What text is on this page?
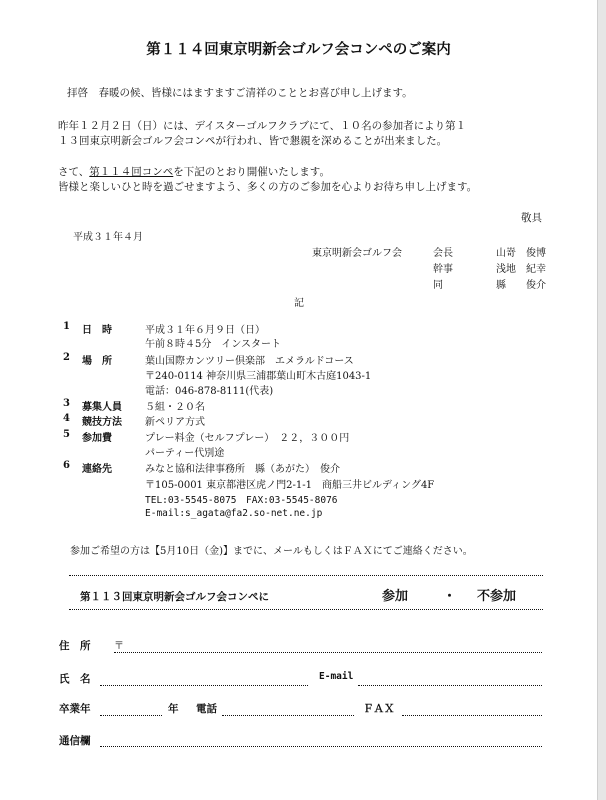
第１１４回東京明新会ゴルフ会コンペのご案内
拝啓　春暖の候、皆様にはますますご清祥のこととお喜び申し上げます。
昨年１２月２日（日）には、デイスターゴルフクラブにて、１０名の参加者により第１
１３回東京明新会ゴルフ会コンペが行われ、皆で懇親を深めることが出来ました。
さて、第１１４回コンペを下記のとおり開催いたします。
皆様と楽しいひと時を過ごせますよう、多くの方のご参加を心よりお待ち申し上げます。
敬具
平成３１年４月
東京明新会ゴルフ会	会長	山嵜　俊博
幹事	浅地　紀幸
同	縣　　俊介
記
1 日　時	平成３１年６月９日（日）
午前８時４5分　インスタート
2 場　所	葉山国際カンツリー倶楽部　エメラルドコース
〒240-0114 神奈川県三浦郡葉山町木古庭1043-1
電話：046-878-8111(代表)
3 募集人員 ５組・２０名
4 競技方法 新ペリア方式
5 参加費	プレー料金（セルフプレー）　２２，３００円
パーティー代別途
6 連絡先	みなと協和法律事務所　縣（あがた）　俊介
〒105-0001 東京都港区虎ノ門2-1-1　商船三井ビルディング4F
TEL:03-5545-8075　FAX:03-5545-8076
E-mail:s_agata@fa2.so-net.ne.jp
参加ご希望の方は【5月10日（金)】までに、メールもしくはＦＡＸにてご連絡ください。
第１１３回東京明新会ゴルフ会コンペに	参加	・ 不参加
住　所 〒
氏　名	E-mail
卒業年	年 電話	ＦＡＸ
通信欄
